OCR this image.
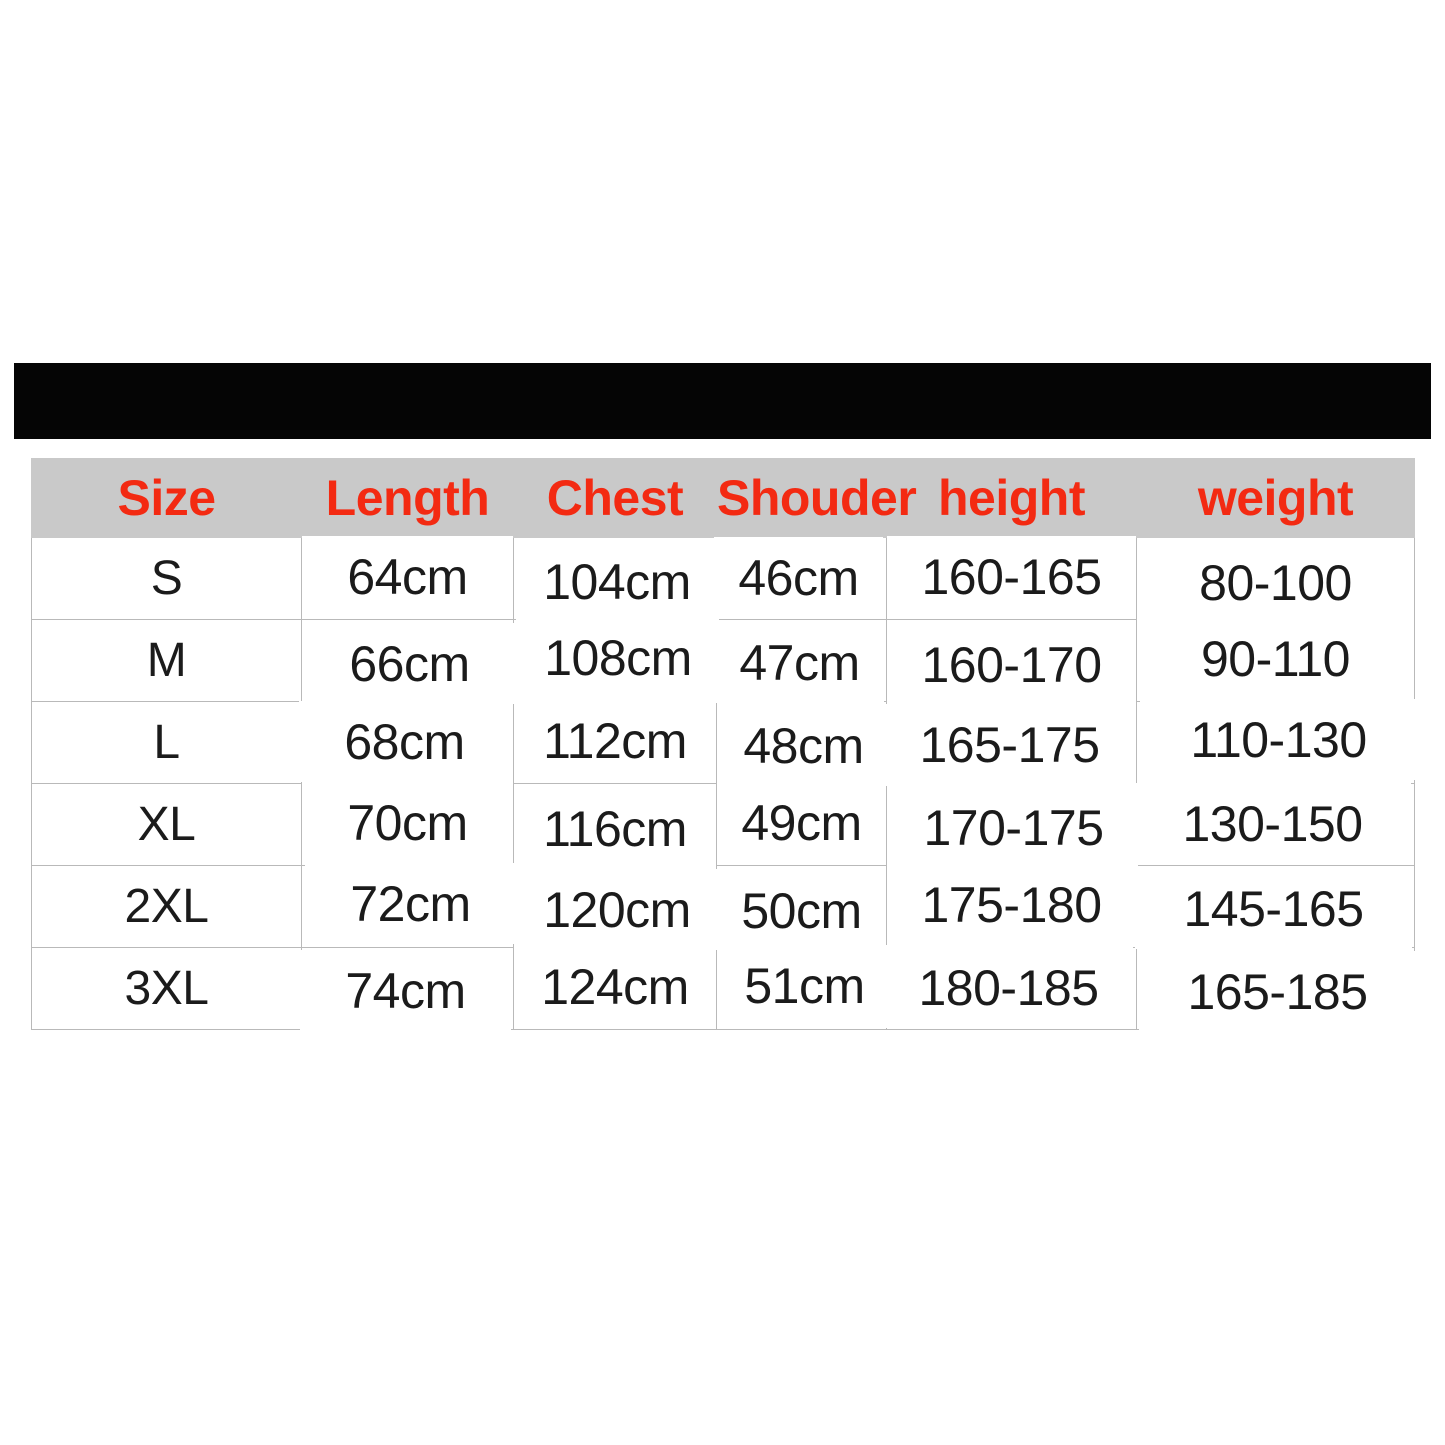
Size	Length	Chest	Shouder	height	weight
S	64cm	104cm	46cm	160-165	80-100
M	66cm	108cm	47cm	160-170	90-110
L	68cm	112cm	48cm	165-175	110-130
XL	70cm	116cm	49cm	170-175	130-150
2XL	72cm	120cm	50cm	175-180	145-165
3XL	74cm	124cm	51cm	180-185	165-185
